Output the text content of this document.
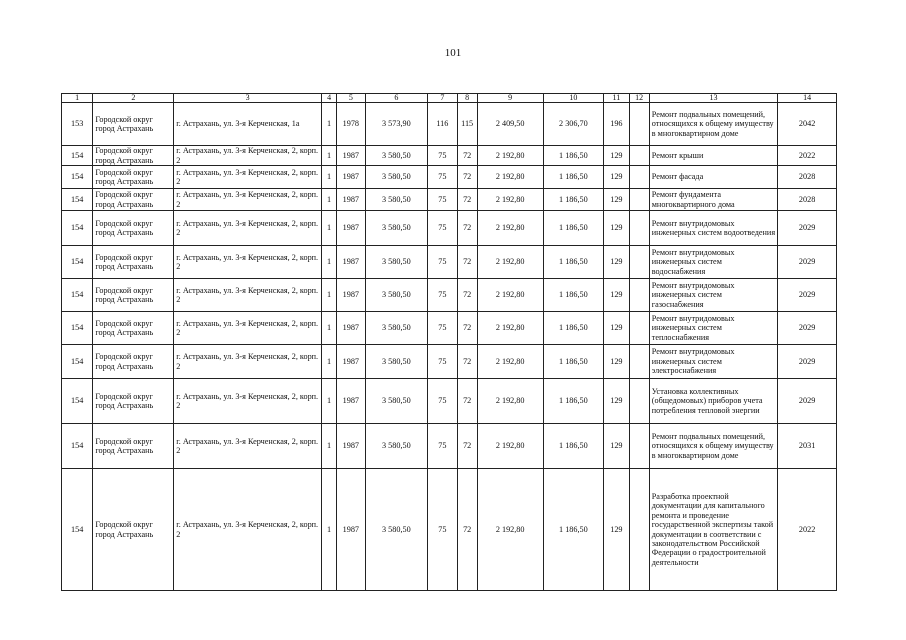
101
1	2	3	4	5	6	7	8	9	10	11	12	13	14
153	Городской округ город Астрахань	г. Астрахань, ул. 3-я Керченская, 1а	1	1978	3 573,90	116	115	2 409,50	2 306,70	196		Ремонт подвальных помещений, относящихся к общему имуществу в многоквартирном доме	2042
154	Городской округ город Астрахань	г. Астрахань, ул. 3-я Керченская, 2, корп. 2	1	1987	3 580,50	75	72	2 192,80	1 186,50	129		Ремонт крыши	2022
154	Городской округ город Астрахань	г. Астрахань, ул. 3-я Керченская, 2, корп. 2	1	1987	3 580,50	75	72	2 192,80	1 186,50	129		Ремонт фасада	2028
154	Городской округ город Астрахань	г. Астрахань, ул. 3-я Керченская, 2, корп. 2	1	1987	3 580,50	75	72	2 192,80	1 186,50	129		Ремонт фундамента многоквартирного дома	2028
154	Городской округ город Астрахань	г. Астрахань, ул. 3-я Керченская, 2, корп. 2	1	1987	3 580,50	75	72	2 192,80	1 186,50	129		Ремонт внутридомовых инженерных систем водоотведения	2029
154	Городской округ город Астрахань	г. Астрахань, ул. 3-я Керченская, 2, корп. 2	1	1987	3 580,50	75	72	2 192,80	1 186,50	129		Ремонт внутридомовых инженерных систем водоснабжения	2029
154	Городской округ город Астрахань	г. Астрахань, ул. 3-я Керченская, 2, корп. 2	1	1987	3 580,50	75	72	2 192,80	1 186,50	129		Ремонт внутридомовых инженерных систем газоснабжения	2029
154	Городской округ город Астрахань	г. Астрахань, ул. 3-я Керченская, 2, корп. 2	1	1987	3 580,50	75	72	2 192,80	1 186,50	129		Ремонт внутридомовых инженерных систем теплоснабжения	2029
154	Городской округ город Астрахань	г. Астрахань, ул. 3-я Керченская, 2, корп. 2	1	1987	3 580,50	75	72	2 192,80	1 186,50	129		Ремонт внутридомовых инженерных систем электроснабжения	2029
154	Городской округ город Астрахань	г. Астрахань, ул. 3-я Керченская, 2, корп. 2	1	1987	3 580,50	75	72	2 192,80	1 186,50	129		Установка коллективных (общедомовых) приборов учета потребления тепловой энергии	2029
154	Городской округ город Астрахань	г. Астрахань, ул. 3-я Керченская, 2, корп. 2	1	1987	3 580,50	75	72	2 192,80	1 186,50	129		Ремонт подвальных помещений, относящихся к общему имуществу в многоквартирном доме	2031
154	Городской округ город Астрахань	г. Астрахань, ул. 3-я Керченская, 2, корп. 2	1	1987	3 580,50	75	72	2 192,80	1 186,50	129		Разработка проектной документации для капитального ремонта и проведение государственной экспертизы такой документации в соответствии с законодательством Российской Федерации о градостроительной деятельности	2022
